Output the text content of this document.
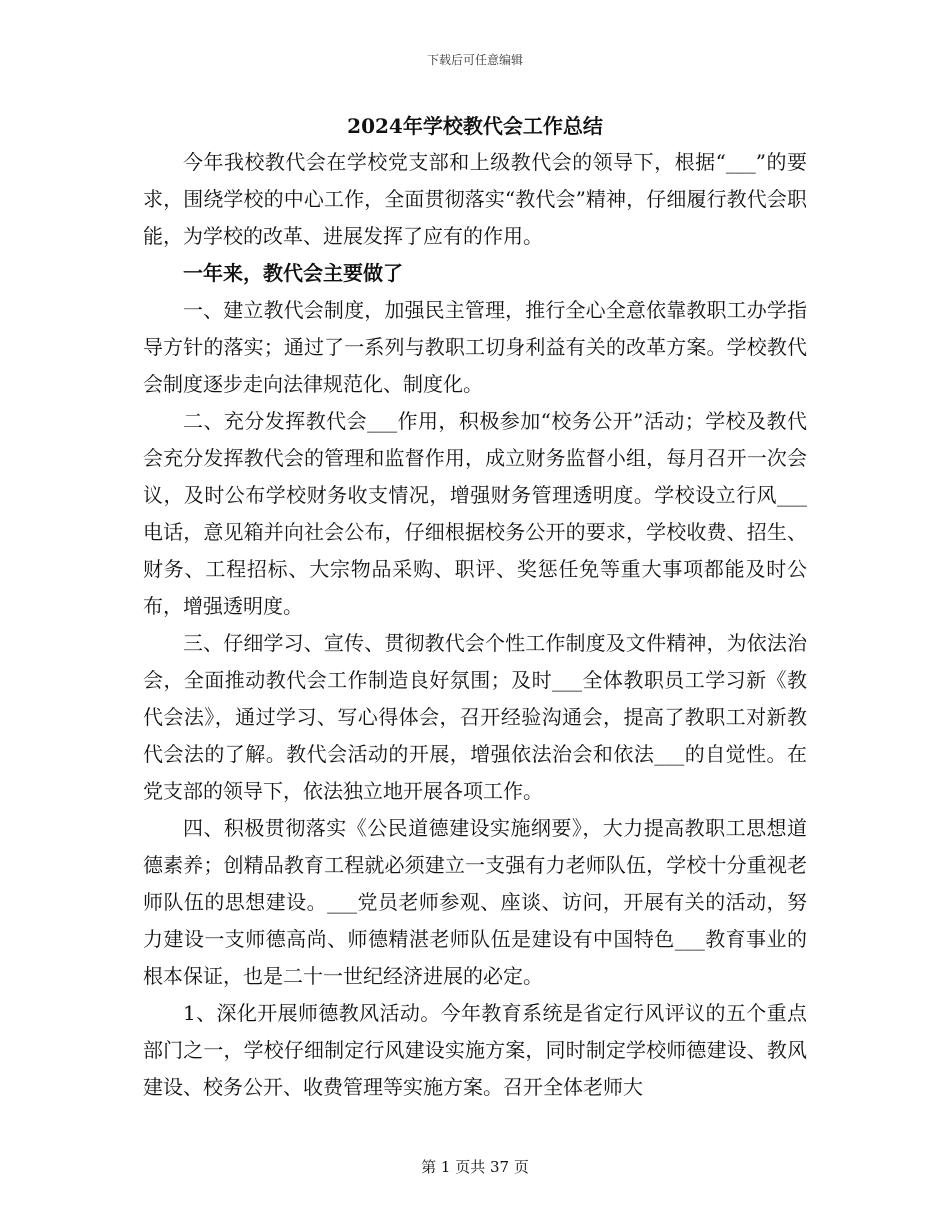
下载后可任意编辑
2024年学校教代会工作总结

今年我校教代会在学校党支部和上级教代会的领导下，根据“___”的要求，围绕学校的中心工作，全面贯彻落实“教代会”精神，仔细履行教代会职能，为学校的改革、进展发挥了应有的作用。

一年来，教代会主要做了

一、建立教代会制度，加强民主管理，推行全心全意依靠教职工办学指导方针的落实；通过了一系列与教职工切身利益有关的改革方案。学校教代会制度逐步走向法律规范化、制度化。

二、充分发挥教代会___作用，积极参加“校务公开”活动；学校及教代会充分发挥教代会的管理和监督作用，成立财务监督小组，每月召开一次会议，及时公布学校财务收支情况，增强财务管理透明度。学校设立行风___电话，意见箱并向社会公布，仔细根据校务公开的要求，学校收费、招生、财务、工程招标、大宗物品采购、职评、奖惩任免等重大事项都能及时公布，增强透明度。

三、仔细学习、宣传、贯彻教代会个性工作制度及文件精神，为依法治会，全面推动教代会工作制造良好氛围；及时___全体教职员工学习新《教代会法》，通过学习、写心得体会，召开经验沟通会，提高了教职工对新教代会法的了解。教代会活动的开展，增强依法治会和依法___的自觉性。在党支部的领导下，依法独立地开展各项工作。

四、积极贯彻落实《公民道德建设实施纲要》，大力提高教职工思想道德素养；创精品教育工程就必须建立一支强有力老师队伍，学校十分重视老师队伍的思想建设。___党员老师参观、座谈、访问，开展有关的活动，努力建设一支师德高尚、师德精湛老师队伍是建设有中国特色___教育事业的根本保证，也是二十一世纪经济进展的必定。

1、深化开展师德教风活动。今年教育系统是省定行风评议的五个重点部门之一，学校仔细制定行风建设实施方案，同时制定学校师德建设、教风建设、校务公开、收费管理等实施方案。召开全体老师大

第 1 页共 37 页
